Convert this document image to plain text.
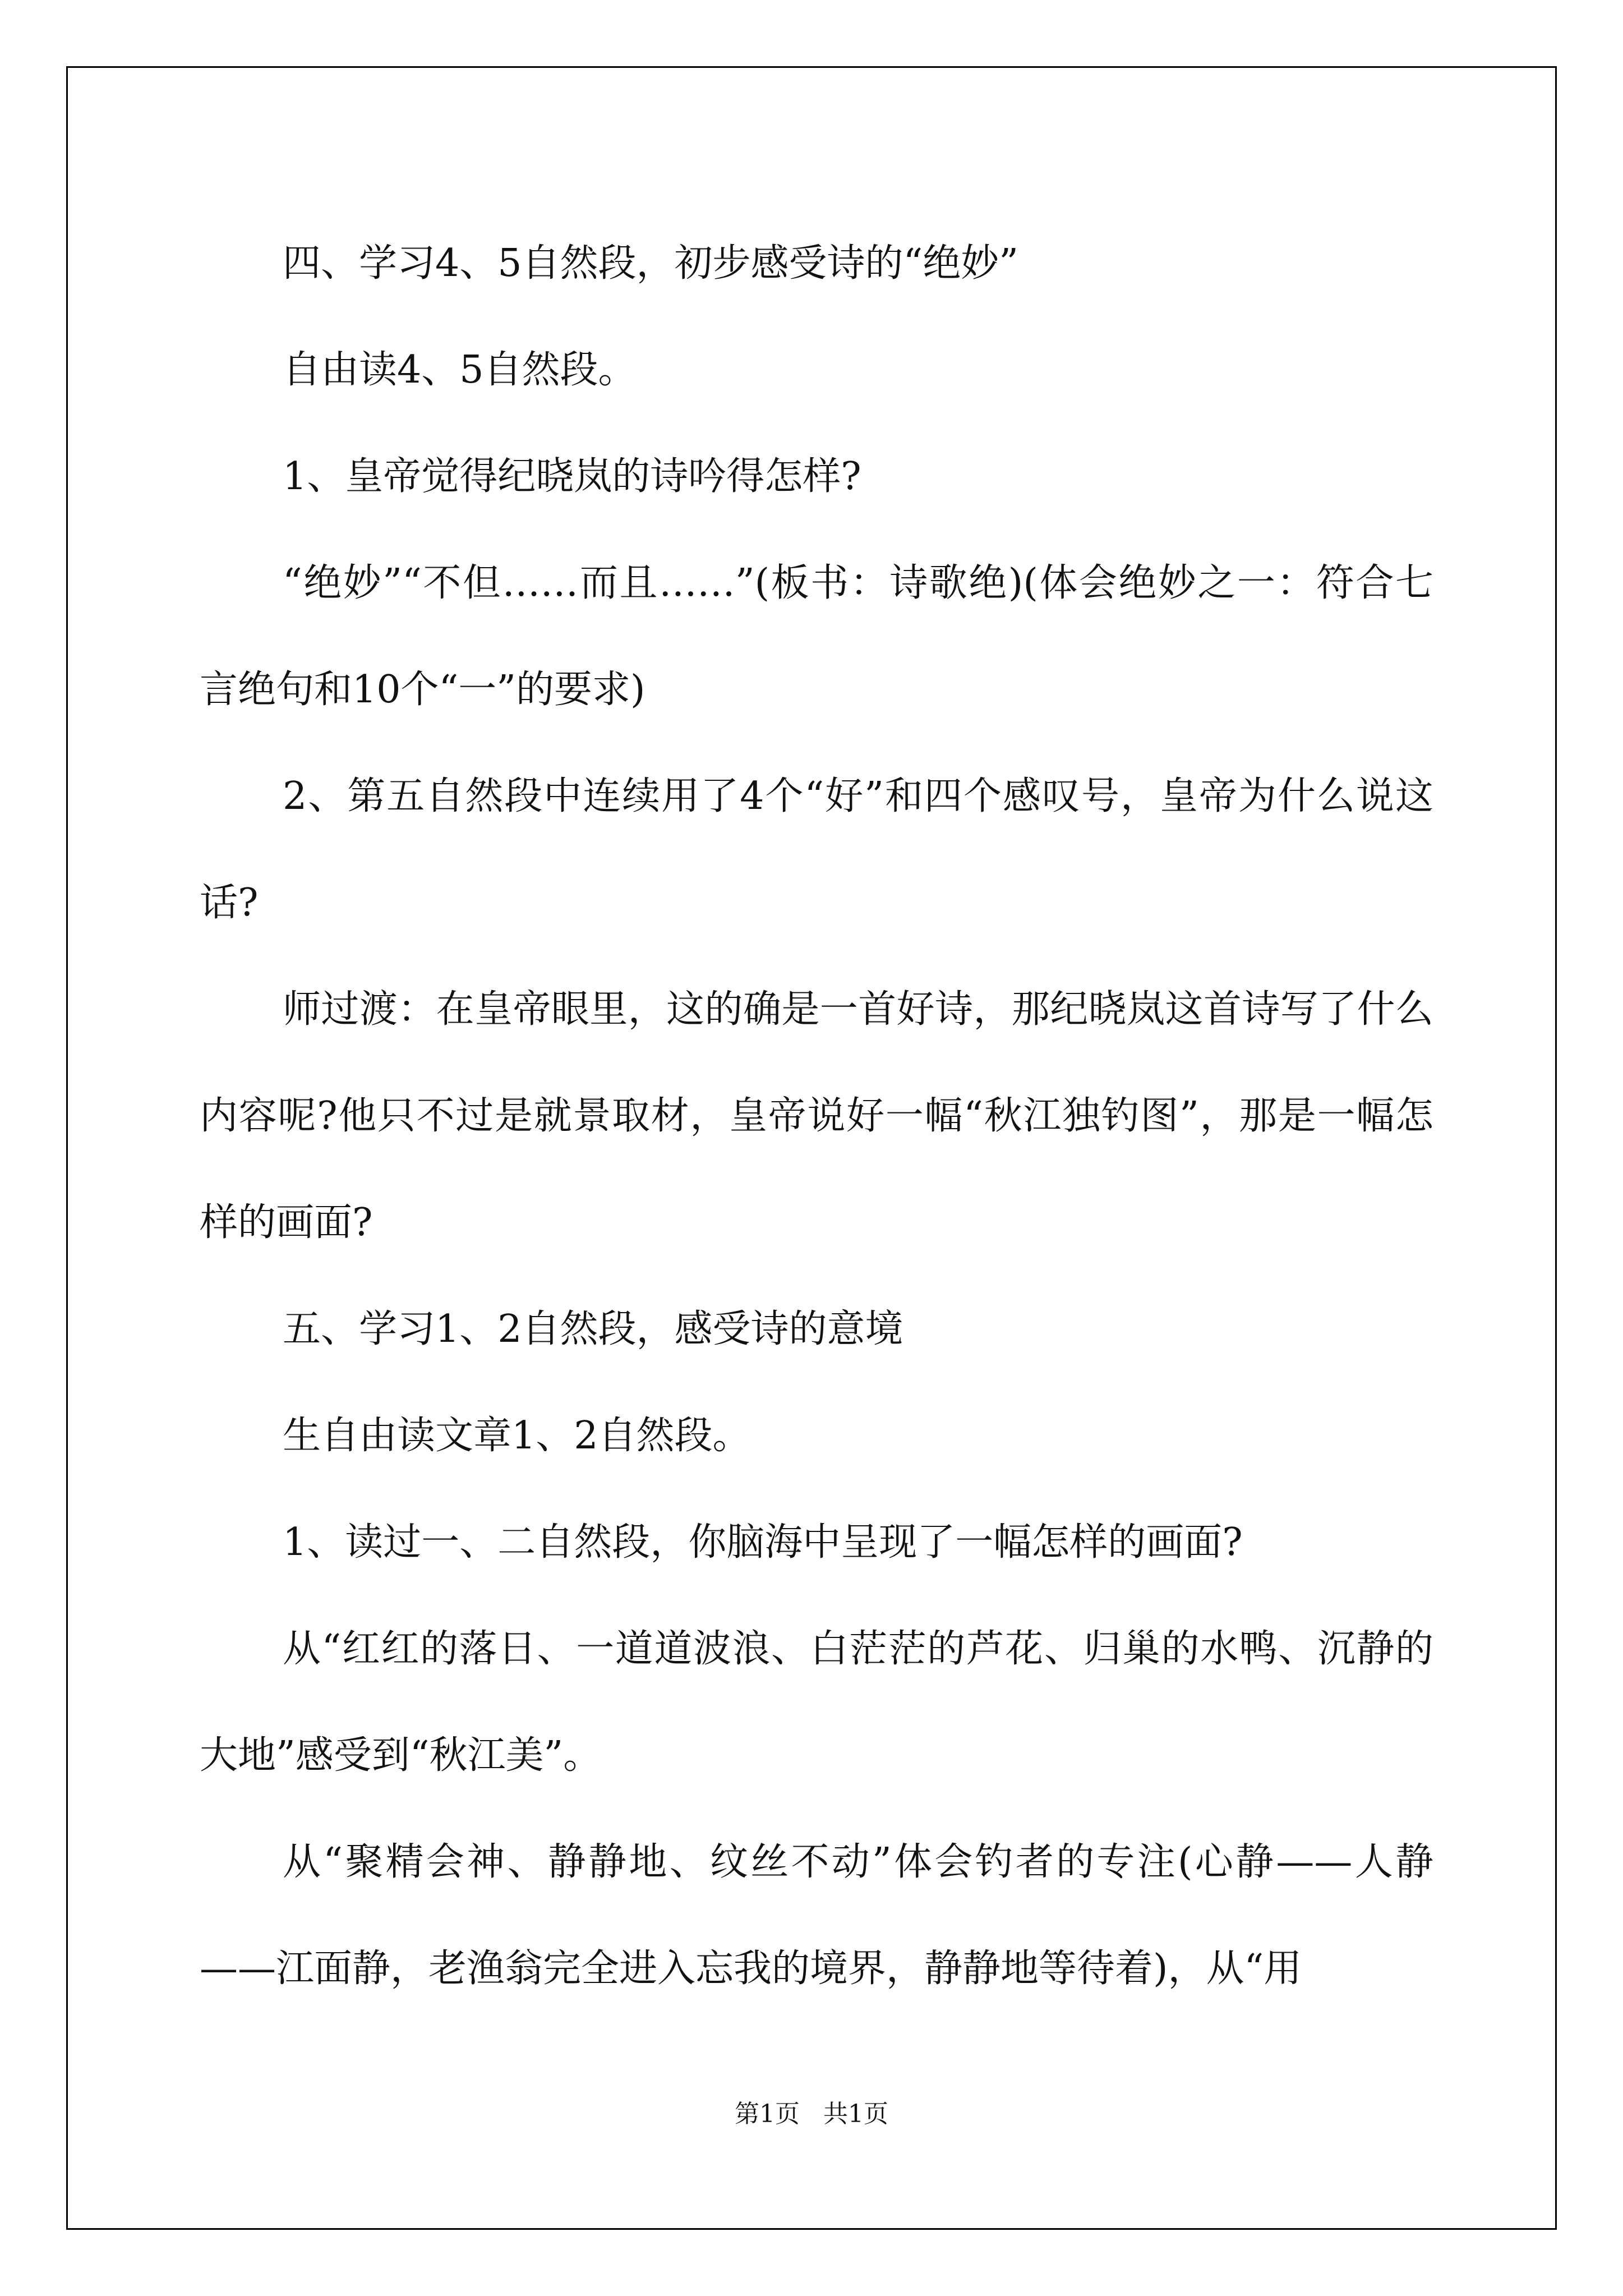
四、学习4、5自然段，初步感受诗的“绝妙”

自由读4、5自然段。

1、皇帝觉得纪晓岚的诗吟得怎样?

“绝妙”“不但……而且……”(板书：诗歌绝)(体会绝妙之一：符合七言绝句和10个“一”的要求)

2、第五自然段中连续用了4个“好”和四个感叹号，皇帝为什么说这话?

师过渡：在皇帝眼里，这的确是一首好诗，那纪晓岚这首诗写了什么内容呢?他只不过是就景取材，皇帝说好一幅“秋江独钓图”，那是一幅怎样的画面?

五、学习1、2自然段，感受诗的意境

生自由读文章1、2自然段。

1、读过一、二自然段，你脑海中呈现了一幅怎样的画面?

从“红红的落日、一道道波浪、白茫茫的芦花、归巢的水鸭、沉静的大地”感受到“秋江美”。

从“聚精会神、静静地、纹丝不动”体会钓者的专注(心静——人静——江面静，老渔翁完全进入忘我的境界，静静地等待着)，从“用

第1页 共1页
